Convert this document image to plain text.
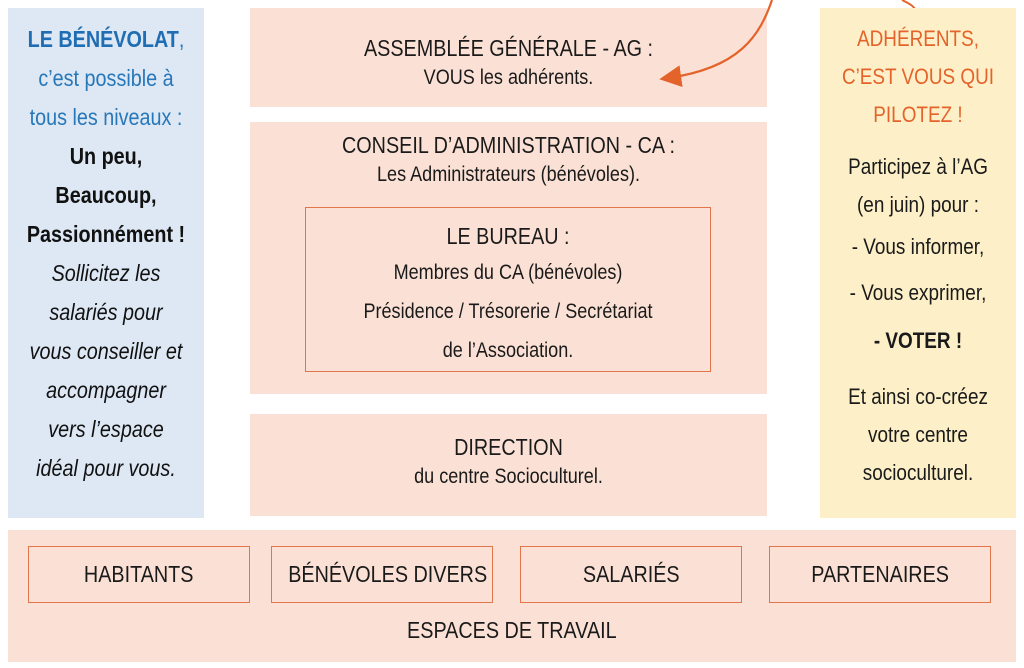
LE BÉNÉVOLAT,
c’est possible à
tous les niveaux :
Un peu,
Beaucoup,
Passionnément !
Sollicitez les
salariés pour
vous conseiller et
accompagner
vers l’espace
idéal pour vous.
ASSEMBLÉE GÉNÉRALE - AG :
VOUS les adhérents.
CONSEIL D’ADMINISTRATION - CA :
Les Administrateurs (bénévoles).
LE BUREAU :
Membres du CA (bénévoles)
Présidence / Trésorerie / Secrétariat
de l’Association.
DIRECTION
du centre Socioculturel.
ADHÉRENTS,
C’EST VOUS QUI
PILOTEZ !
Participez à l’AG
(en juin) pour :
- Vous informer,
- Vous exprimer,
- VOTER !
Et ainsi co-créez
votre centre
socioculturel.
HABITANTS	BÉNÉVOLES DIVERS	SALARIÉS	PARTENAIRES
ESPACES DE TRAVAIL
